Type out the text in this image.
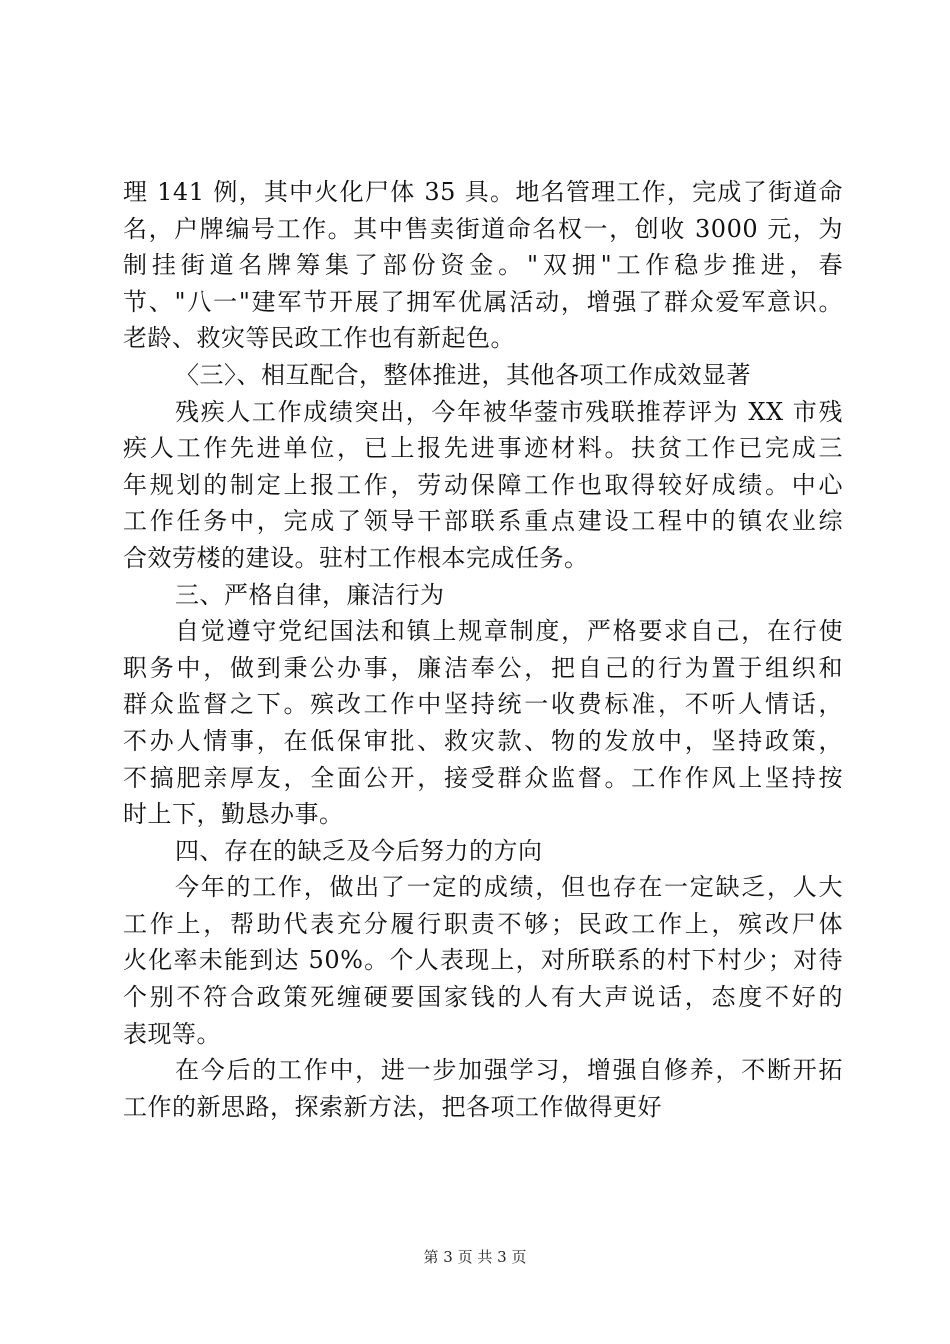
理 141 例，其中火化尸体 35 具。地名管理工作，完成了街道命
名，户牌编号工作。其中售卖街道命名权一，创收 3000 元，为
制挂街道名牌筹集了部份资金。"双拥"工作稳步推进，春
节、"八一"建军节开展了拥军优属活动，增强了群众爱军意识。
老龄、救灾等民政工作也有新起色。
〈三〉、相互配合，整体推进，其他各项工作成效显著
残疾人工作成绩突出，今年被华蓥市残联推荐评为 XX 市残
疾人工作先进单位，已上报先进事迹材料。扶贫工作已完成三
年规划的制定上报工作，劳动保障工作也取得较好成绩。中心
工作任务中，完成了领导干部联系重点建设工程中的镇农业综
合效劳楼的建设。驻村工作根本完成任务。
三、严格自律，廉洁行为
自觉遵守党纪国法和镇上规章制度，严格要求自己，在行使
职务中，做到秉公办事，廉洁奉公，把自己的行为置于组织和
群众监督之下。殡改工作中坚持统一收费标准，不听人情话，
不办人情事，在低保审批、救灾款、物的发放中，坚持政策，
不搞肥亲厚友，全面公开，接受群众监督。工作作风上坚持按
时上下，勤恳办事。
四、存在的缺乏及今后努力的方向
今年的工作，做出了一定的成绩，但也存在一定缺乏，人大
工作上，帮助代表充分履行职责不够；民政工作上，殡改尸体
火化率未能到达 50%。个人表现上，对所联系的村下村少；对待
个别不符合政策死缠硬要国家钱的人有大声说话，态度不好的
表现等。
在今后的工作中，进一步加强学习，增强自修养，不断开拓
工作的新思路，探索新方法，把各项工作做得更好
第 3 页 共 3 页
